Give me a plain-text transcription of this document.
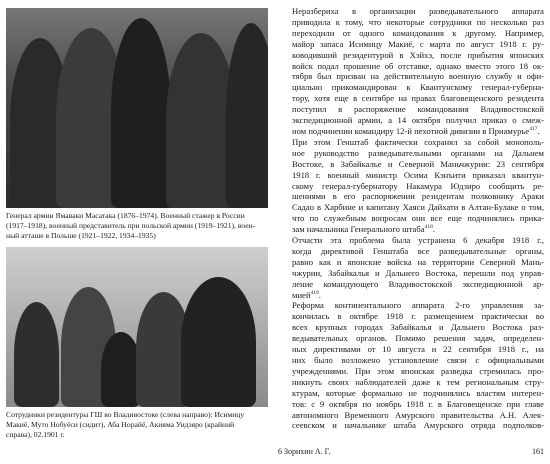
Генерал армии Ямаваки Масатака (1876–1974). Военный стажер в России
(1917–1918), военный представитель при польской армии (1919–1921), воен-
ный атташе в Польше (1921–1922, 1934–1935)

Сотрудники резидентуры ГШ во Владивостоке (слева направо): Исимицу
Макиё, Муто Нобуёси (сидит), Аба Норайё, Акияма Уидзяро (крайний
справа), 02.1901 г.

Неразбериха в организации разведывательного аппарата
приводила к тому, что некоторые сотрудники по несколько раз
переходили от одного командования к другому. Например,
майор запаса Исимицу Макиё, с марта по август 1918 г. ру-
ководивший резидентурой в Хэйхэ, после прибытия японских
войск подал прошение об отставке, однако вместо этого 18 ок-
тября был призван на действительную военную службу и офи-
циально прикомандирован к Квантунскому генерал-губерна-
тору, хотя еще в сентябре на правах благовещенского резидента
поступил в распоряжение командования Владивостокской
экспедиционной армии, а 14 октября получил приказ о смеж-
ном подчинении командиру 12-й пехотной дивизии в Приамурье$^{417}$.

При этом Генштаб фактически сохранял за собой монополь-
ное руководство разведывательными органами на Дальнем
Востоке, в Забайкалье и Северной Маньчжурии: 23 сентября
1918 г. военный министр Осима Кэнъити приказал квантун-
скому генерал-губернатору Накамура Юдзиро сообщить ре-
шениями в его распоряжении резидентам полковнику Араки
Садао в Харбине и капитану Хаяси Дайхати в Алтан-Булаке о том,
что по служебным вопросам они все еще подчинялись прика-
зам начальника Генерального штаба$^{418}$.

Отчасти эта проблема была устранена 6 декабря 1918 г.,
когда директивой Генштаба все разведывательные органы,
равно как и японские войска на территории Северной Мань-
чжурии, Забайкалья и Дальнего Востока, перешли под управ-
ление командующего Владивостокской экспедиционной ар-
мией$^{419}$.

Реформа континентального аппарата 2-го управления за-
кончилась в октябре 1918 г. размещением практически во
всех крупных городах Забайкалья и Дальнего Востока раз-
ведывательных органов. Помимо решения задач, определен-
ных директивами от 10 августа и 22 сентября 1918 г., на
них было возложено установление связи с официальными
учреждениями. При этом японская разведка стремилась про-
никнуть своих наблюдателей даже к тем региональным стру-
ктурам, которые формально не подчинялись властям интерен-
тов: с 9 октября по ноябрь 1918 г. в Благовещенске при главе
автономного Временного Амурского правительства А.Н. Алек-
сеевском и начальнике штаба Амурского отряда подполков-

6 Зорихин А. Г.	161
